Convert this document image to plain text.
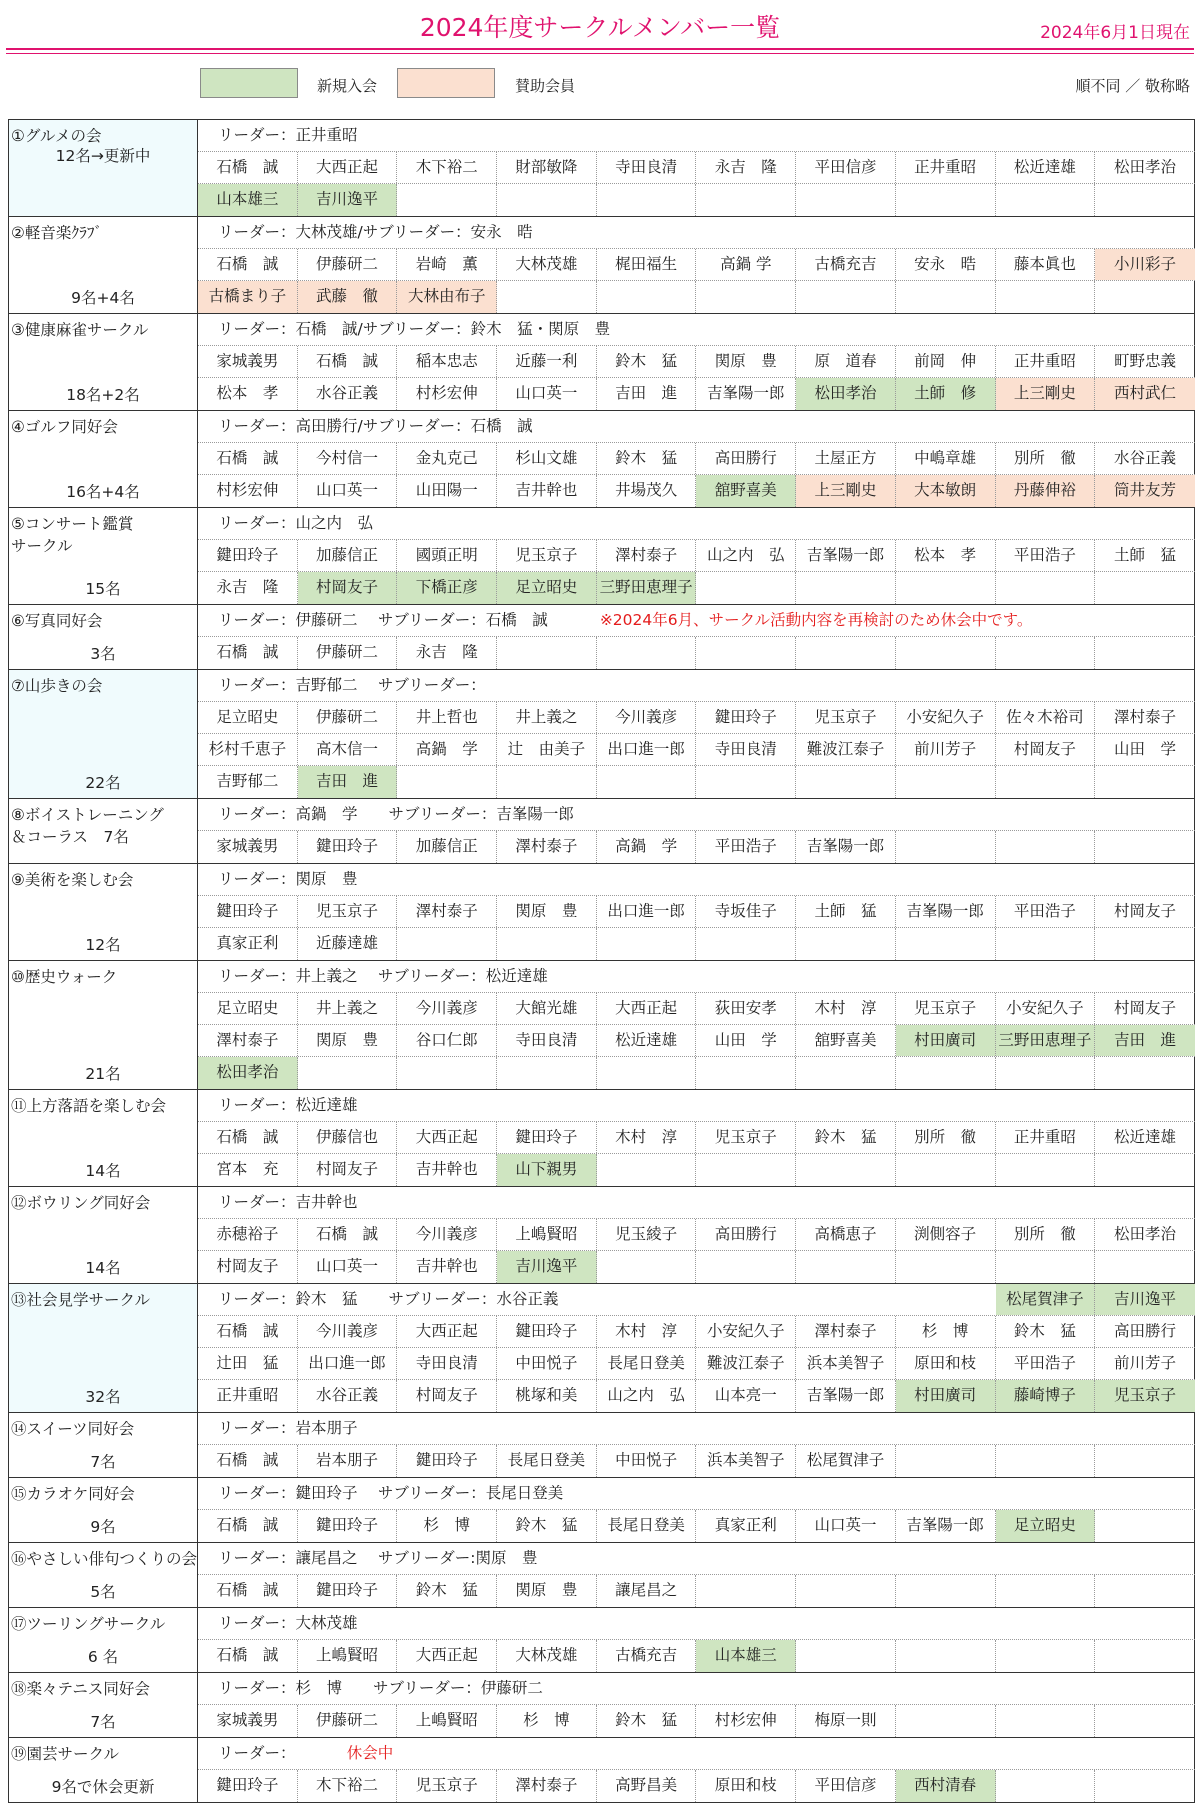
2024年度サークルメンバー一覧	2024年6月1日現在
新規入会	賛助会員	順不同 ／ 敬称略
①グルメの会
12名→更新中
リーダー：正井重昭
石橋　誠	大西正起	木下裕二	財部敏降	寺田良清	永吉　隆	平田信彦	正井重昭	松近達雄	松田孝治
山本雄三	吉川逸平
②軽音楽ｸﾗﾌﾞ
9名+4名
リーダー：大林茂雄/サブリーダー：安永　晧
石橋　誠	伊藤研二	岩崎　薫	大林茂雄	梶田福生	高鍋 学	古橋充吉	安永　晧	藤本眞也	小川彩子
古橋まり子	武藤　徹	大林由布子
③健康麻雀サークル
18名+2名
リーダー：石橋　誠/サブリーダー：鈴木　猛・関原　豊
家城義男	石橋　誠	稲本忠志	近藤一利	鈴木　猛	関原　豊	原　道春	前岡　伸	正井重昭	町野忠義
松本　孝	水谷正義	村杉宏伸	山口英一	吉田　進	吉峯陽一郎	松田孝治	土師　修	上三剛史	西村武仁
④ゴルフ同好会
16名+4名
リーダー：高田勝行/サブリーダー：石橋　誠
石橋　誠	今村信一	金丸克己	杉山文雄	鈴木　猛	高田勝行	土屋正方	中嶋章雄	別所　徹	水谷正義
村杉宏伸	山口英一	山田陽一	吉井幹也	井場茂久	舘野喜美	上三剛史	大本敏朗	丹藤伸裕	筒井友芳
⑤コンサート鑑賞
サークル
15名
リーダー：山之内　弘
鍵田玲子	加藤信正	國頭正明	児玉京子	澤村泰子	山之内　弘	吉峯陽一郎	松本　孝	平田浩子	土師　猛
永吉　隆	村岡友子	下橋正彦	足立昭史	三野田恵理子
⑥写真同好会
3名
リーダー：伊藤研二　 サブリーダー：石橋　誠	※2024年6月、サークル活動内容を再検討のため休会中です。
石橋　誠	伊藤研二	永吉　隆
⑦山歩きの会
22名
リーダー：吉野郁二　 サブリーダー：
足立昭史	伊藤研二	井上哲也	井上義之	今川義彦	鍵田玲子	児玉京子	小安紀久子	佐々木裕司	澤村泰子
杉村千恵子	高木信一	高鍋　学	辻　由美子	出口進一郎	寺田良清	難波江泰子	前川芳子	村岡友子	山田　学
吉野郁二	吉田　進
⑧ボイストレーニング
＆コーラス　7名
リーダー：高鍋　学　　サブリーダー：吉峯陽一郎
家城義男	鍵田玲子	加藤信正	澤村泰子	高鍋　学	平田浩子	吉峯陽一郎
⑨美術を楽しむ会
12名
リーダー：関原　豊
鍵田玲子	児玉京子	澤村泰子	関原　豊	出口進一郎	寺坂佳子	土師　猛	吉峯陽一郎	平田浩子	村岡友子
真家正利	近藤達雄
⑩歴史ウォーク
21名
リーダー：井上義之　 サブリーダー：松近達雄
足立昭史	井上義之	今川義彦	大館光雄	大西正起	荻田安孝	木村　淳	児玉京子	小安紀久子	村岡友子
澤村泰子	関原　豊	谷口仁郎	寺田良清	松近達雄	山田　学	舘野喜美	村田廣司	三野田恵理子	吉田　進
松田孝治
⑪上方落語を楽しむ会
14名
リーダー：松近達雄
石橋　誠	伊藤信也	大西正起	鍵田玲子	木村　淳	児玉京子	鈴木　猛	別所　徹	正井重昭	松近達雄
宮本　充	村岡友子	吉井幹也	山下親男
⑫ボウリング同好会
14名
リーダー：吉井幹也
赤穂裕子	石橋　誠	今川義彦	上嶋賢昭	児玉綾子	高田勝行	高橋恵子	渕側容子	別所　徹	松田孝治
村岡友子	山口英一	吉井幹也	吉川逸平
⑬社会見学サークル
32名
リーダー：鈴木　猛　　サブリーダー：水谷正義	松尾賀津子	吉川逸平
石橋　誠	今川義彦	大西正起	鍵田玲子	木村　淳	小安紀久子	澤村泰子	杉　博	鈴木　猛	高田勝行
辻田　猛	出口進一郎	寺田良清	中田悦子	長尾日登美	難波江泰子	浜本美智子	原田和枝	平田浩子	前川芳子
正井重昭	水谷正義	村岡友子	桃塚和美	山之内　弘	山本亮一	吉峯陽一郎	村田廣司	藤崎博子	児玉京子
⑭スイーツ同好会
7名
リーダー：岩本朋子
石橋　誠	岩本朋子	鍵田玲子	長尾日登美	中田悦子	浜本美智子	松尾賀津子
⑮カラオケ同好会
9名
リーダー：鍵田玲子　 サブリーダー：長尾日登美
石橋　誠	鍵田玲子	杉　博	鈴木　猛	長尾日登美	真家正利	山口英一	吉峯陽一郎	足立昭史
⑯やさしい俳句つくりの会
5名
リーダー：讓尾昌之　 サブリーダー:関原　豊
石橋　誠	鍵田玲子	鈴木　猛	関原　豊	讓尾昌之
⑰ツーリングサークル
6 名
リーダー：大林茂雄
石橋　誠	上嶋賢昭	大西正起	大林茂雄	古橋充吉	山本雄三
⑱楽々テニス同好会
7名
リーダー：杉　博　　サブリーダー：伊藤研二
家城義男	伊藤研二	上嶋賢昭	杉　博	鈴木　猛	村杉宏伸	梅原一則
⑲園芸サークル
9名で休会更新
リーダー：　　休会中
鍵田玲子	木下裕二	児玉京子	澤村泰子	高野昌美	原田和枝	平田信彦	西村清春
